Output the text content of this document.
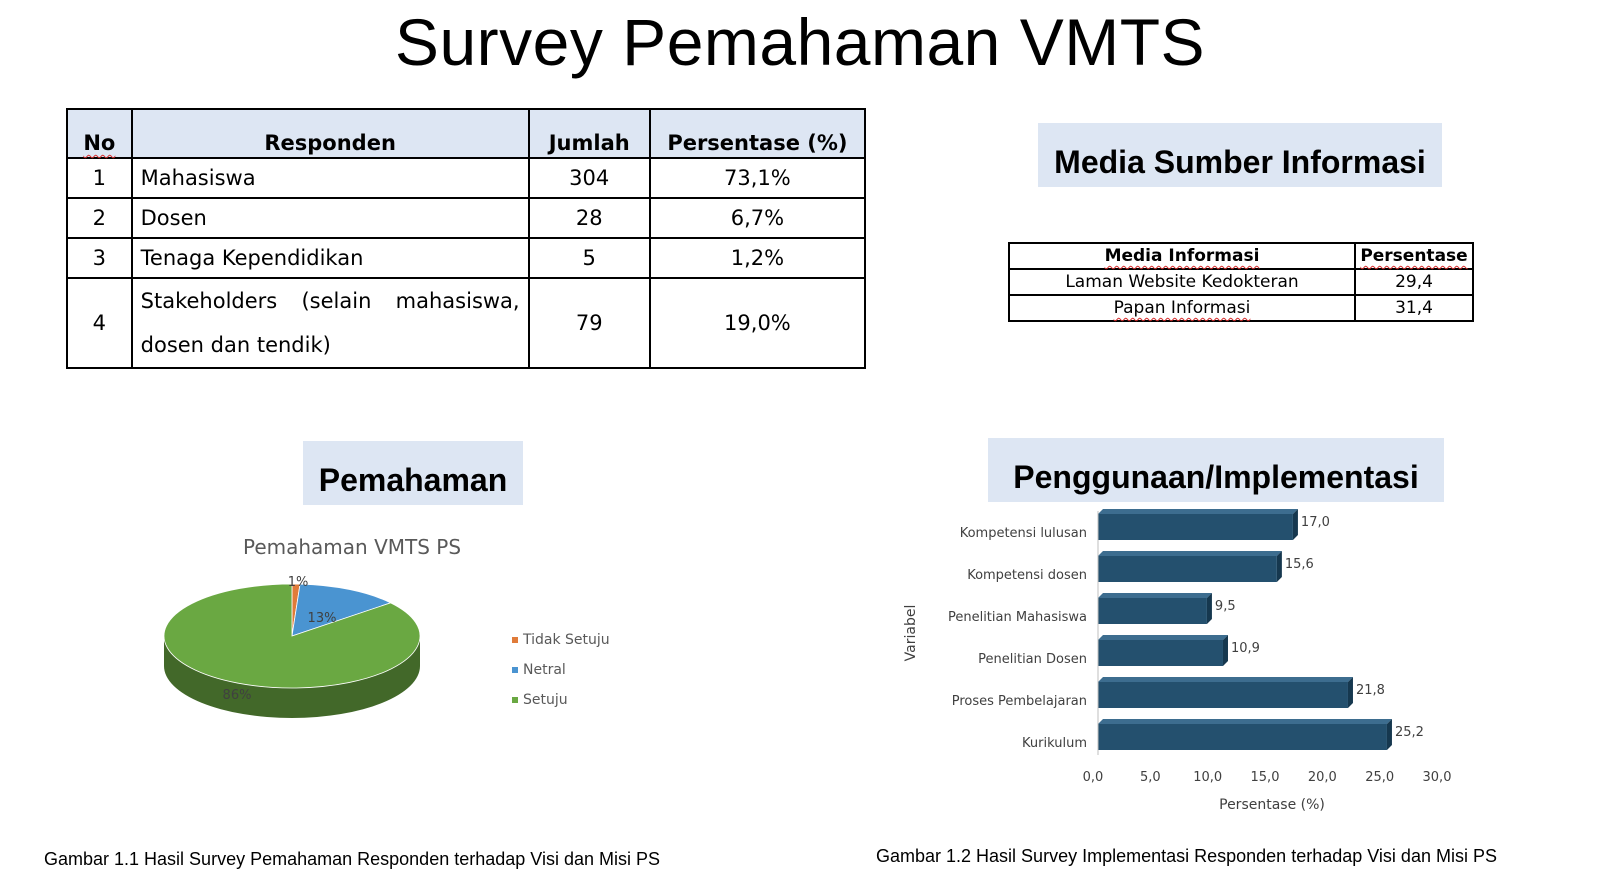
Survey Pemahaman VMTS
No	Responden	Jumlah	Persentase (%)
1	Mahasiswa	304	73,1%
2	Dosen	28	6,7%
3	Tenaga Kependidikan	5	1,2%
4	Stakeholders (selain mahasiswa, dosen dan tendik)	79	19,0%
Media Sumber Informasi
Media Informasi	Persentase
Laman Website Kedokteran	29,4
Papan Informasi	31,4
Pemahaman	Penggunaan/Implementasi
Pemahaman VMTS PS
1%
13%
86%
Tidak Setuju
Netral
Setuju
Kompetensi lulusan
17,0
Kompetensi dosen
15,6
Penelitian Mahasiswa
9,5
Penelitian Dosen
10,9
Proses Pembelajaran
21,8
Kurikulum
25,2
0,0	5,0	10,0 15,0 20,0 25,0 30,0
Persentase (%)
Variabel
Gambar 1.1 Hasil Survey Pemahaman Responden terhadap Visi dan Misi PS	Gambar 1.2 Hasil Survey Implementasi Responden terhadap Visi dan Misi PS
